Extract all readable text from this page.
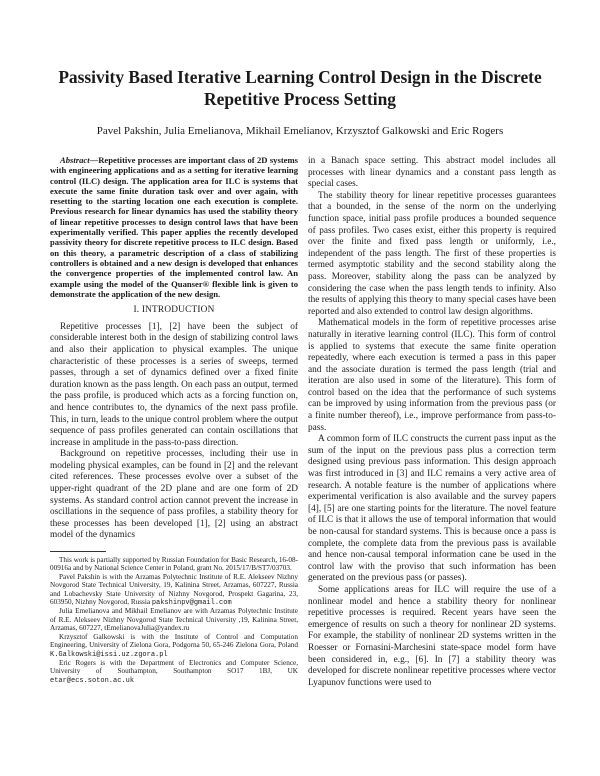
Passivity Based Iterative Learning Control Design in the Discrete Repetitive Process Setting
Pavel Pakshin, Julia Emelianova, Mikhail Emelianov, Krzysztof Galkowski and Eric Rogers

Abstract—Repetitive processes are important class of 2D systems with engineering applications and as a setting for iterative learning control (ILC) design. The application area for ILC is systems that execute the same finite duration task over and over again, with resetting to the starting location one each execution is complete. Previous research for linear dynamics has used the stability theory of linear repetitive processes to design control laws that have been experimentally verified. This paper applies the recently developed passivity theory for discrete repetitive process to ILC design. Based on this theory, a parametric description of a class of stabilizing controllers is obtained and a new design is developed that enhances the convergence properties of the implemented control law. An example using the model of the Quanser® flexible link is given to demonstrate the application of the new design.

I. INTRODUCTION

Repetitive processes [1], [2] have been the subject of considerable interest both in the design of stabilizing control laws and also their application to physical examples. The unique characteristic of these processes is a series of sweeps, termed passes, through a set of dynamics defined over a fixed finite duration known as the pass length. On each pass an output, termed the pass profile, is produced which acts as a forcing function on, and hence contributes to, the dynamics of the next pass profile. This, in turn, leads to the unique control problem where the output sequence of pass profiles generated can contain oscillations that increase in amplitude in the pass-to-pass direction.

Background on repetitive processes, including their use in modeling physical examples, can be found in [2] and the relevant cited references. These processes evolve over a subset of the upper-right quadrant of the 2D plane and are one form of 2D systems. As standard control action cannot prevent the increase in oscillations in the sequence of pass profiles, a stability theory for these processes has been developed [1], [2] using an abstract model of the dynamics

This work is partially supported by Russian Foundation for Basic Research, 16-08-00916a and by National Science Center in Poland, grant No. 2015/17/B/ST7/03703.

Pavel Pakshin is with the Arzamas Polytechnic Institute of R.E. Alekseev Nizhny Novgorod State Technical University, 19, Kalinina Street, Arzamas, 607227, Russia and Lobachevsky State University of Nizhny Novgorod, Prospekt Gagarina, 23, 603950, Nizhny Novgorod, Russia pakshinpv@gmail.com

Julia Emelianova and Mikhail Emelianov are with Arzamas Polytechnic Institute of R.E. Alekseev Nizhny Novgorod State Technical University ,19, Kalinina Street, Arzamas, 607227, tEmelianovaJulia@yandex.ru

Krzysztof Galkowski is with the Institute of Control and Computation Engineering, University of Zielona Gora, Podgorna 50, 65-246 Zielona Gora, Poland K.Galkowski@issi.uz.zgora.pl

Eric Rogers is with the Department of Electronics and Computer Science, University of Southampton, Southampton SO17 1BJ, UK etar@ecs.soton.ac.uk

in a Banach space setting. This abstract model includes all processes with linear dynamics and a constant pass length as special cases.

The stability theory for linear repetitive processes guarantees that a bounded, in the sense of the norm on the underlying function space, initial pass profile produces a bounded sequence of pass profiles. Two cases exist, either this property is required over the finite and fixed pass length or uniformly, i.e., independent of the pass length. The first of these properties is termed asymptotic stability and the second stability along the pass. Moreover, stability along the pass can be analyzed by considering the case when the pass length tends to infinity. Also the results of applying this theory to many special cases have been reported and also extended to control law design algorithms.

Mathematical models in the form of repetitive processes arise naturally in iterative learning control (ILC). This form of control is applied to systems that execute the same finite operation repeatedly, where each execution is termed a pass in this paper and the associate duration is termed the pass length (trial and iteration are also used in some of the literature). This form of control based on the idea that the performance of such systems can be improved by using information from the previous pass (or a finite number thereof), i.e., improve performance from pass-to-pass.

A common form of ILC constructs the current pass input as the sum of the input on the previous pass plus a correction term designed using previous pass information. This design approach was first introduced in [3] and ILC remains a very active area of research. A notable feature is the number of applications where experimental verification is also available and the survey papers [4], [5] are one starting points for the literature. The novel feature of ILC is that it allows the use of temporal information that would be non-causal for standard systems. This is because once a pass is complete, the complete data from the previous pass is available and hence non-causal temporal information cane be used in the control law with the proviso that such information has been generated on the previous pass (or passes).

Some applications areas for ILC will require the use of a nonlinear model and hence a stability theory for nonlinear repetitive processes is required. Recent years have seen the emergence of results on such a theory for nonlinear 2D systems. For example, the stability of nonlinear 2D systems written in the Roesser or Fornasini-Marchesini state-space model form have been considered in, e.g., [6]. In [7] a stability theory was developed for discrete nonlinear repetitive processes where vector Lyapunov functions were used to
